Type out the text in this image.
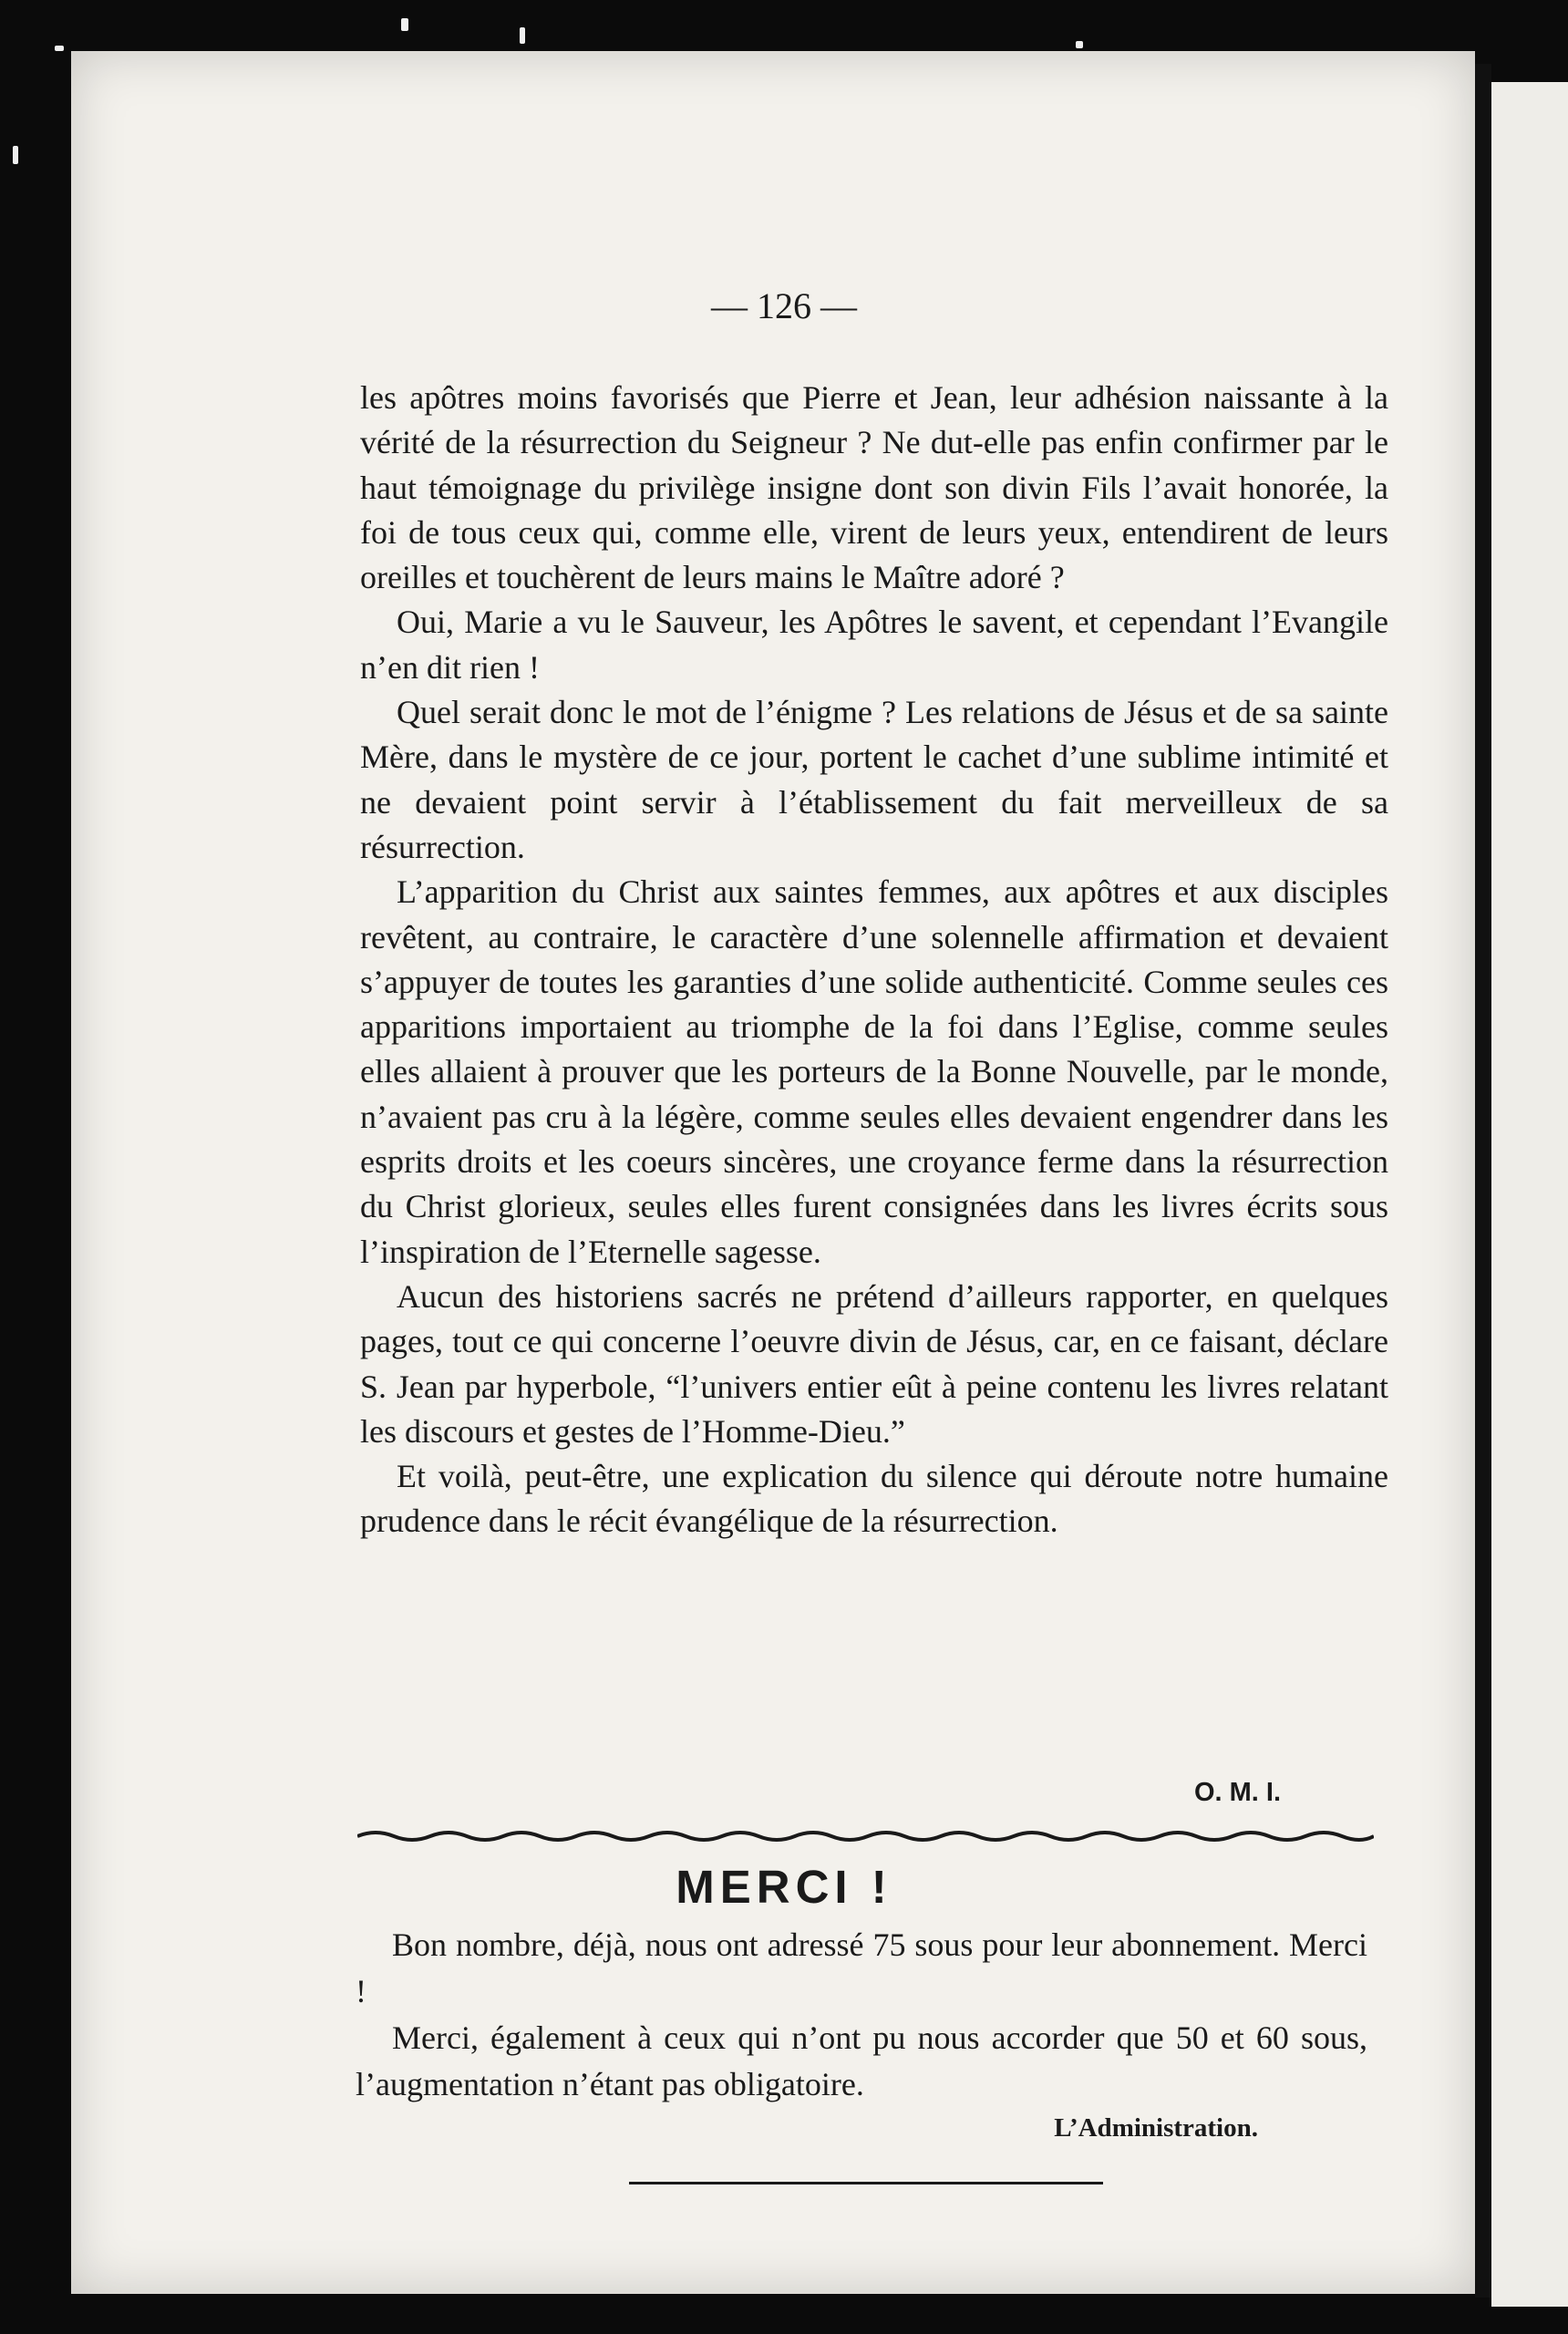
— 126 —

les apôtres moins favorisés que Pierre et Jean, leur adhésion naissante à la vérité de la résurrection du Seigneur ? Ne dut-elle pas enfin confirmer par le haut témoignage du privilège insigne dont son divin Fils l’avait honorée, la foi de tous ceux qui, comme elle, virent de leurs yeux, entendirent de leurs oreilles et touchèrent de leurs mains le Maître adoré ?

Oui, Marie a vu le Sauveur, les Apôtres le savent, et cependant l’Evangile n’en dit rien !

Quel serait donc le mot de l’énigme ? Les relations de Jésus et de sa sainte Mère, dans le mystère de ce jour, portent le cachet d’une sublime intimité et ne devaient point servir à l’établissement du fait merveilleux de sa résurrection.

L’apparition du Christ aux saintes femmes, aux apôtres et aux disciples revêtent, au contraire, le caractère d’une solennelle affirmation et devaient s’appuyer de toutes les garanties d’une solide authenticité. Comme seules ces apparitions importaient au triomphe de la foi dans l’Eglise, comme seules elles allaient à prouver que les porteurs de la Bonne Nouvelle, par le monde, n’avaient pas cru à la légère, comme seules elles devaient engendrer dans les esprits droits et les coeurs sincères, une croyance ferme dans la résurrection du Christ glorieux, seules elles furent consignées dans les livres écrits sous l’inspiration de l’Eternelle sagesse.

Aucun des historiens sacrés ne prétend d’ailleurs rapporter, en quelques pages, tout ce qui concerne l’oeuvre divin de Jésus, car, en ce faisant, déclare S. Jean par hyperbole, “l’univers entier eût à peine contenu les livres relatant les discours et gestes de l’Homme-Dieu.”

Et voilà, peut-être, une explication du silence qui déroute notre humaine prudence dans le récit évangélique de la résurrection.

O. M. I.
MERCI !

Bon nombre, déjà, nous ont adressé 75 sous pour leur abonnement. Merci !

Merci, également à ceux qui n’ont pu nous accorder que 50 et 60 sous, l’augmentation n’étant pas obligatoire.

L’Administration.
